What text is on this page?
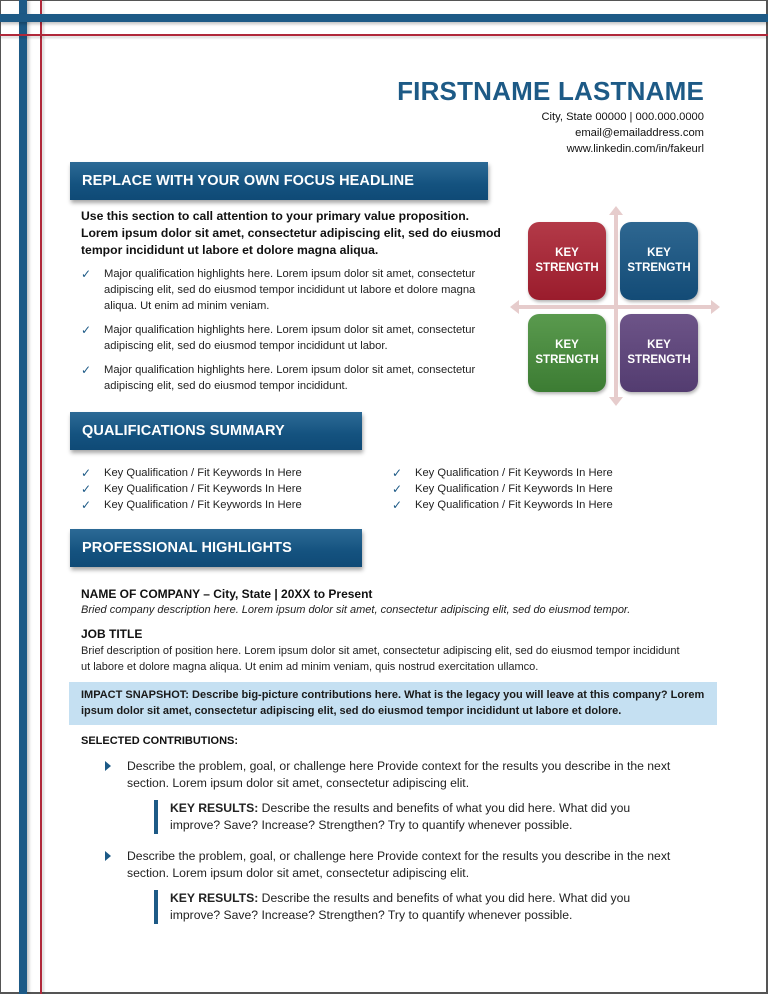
FIRSTNAME LASTNAME
City, State 00000 | 000.000.0000
email@emailaddress.com
www.linkedin.com/in/fakeurl
REPLACE WITH YOUR OWN FOCUS HEADLINE
Use this section to call attention to your primary value proposition. Lorem ipsum dolor sit amet, consectetur adipiscing elit, sed do eiusmod tempor incididunt ut labore et dolore magna aliqua.
✓ Major qualification highlights here. Lorem ipsum dolor sit amet, consectetur adipiscing elit, sed do eiusmod tempor incididunt ut labore et dolore magna aliqua. Ut enim ad minim veniam.
✓ Major qualification highlights here. Lorem ipsum dolor sit amet, consectetur adipiscing elit, sed do eiusmod tempor incididunt ut labor.
✓ Major qualification highlights here. Lorem ipsum dolor sit amet, consectetur adipiscing elit, sed do eiusmod tempor incididunt.
KEY
STRENGTH
KEY
STRENGTH
KEY
STRENGTH
KEY
STRENGTH
QUALIFICATIONS SUMMARY
✓ Key Qualification / Fit Keywords In Here
✓ Key Qualification / Fit Keywords In Here
✓ Key Qualification / Fit Keywords In Here
✓ Key Qualification / Fit Keywords In Here
✓ Key Qualification / Fit Keywords In Here
✓ Key Qualification / Fit Keywords In Here
PROFESSIONAL HIGHLIGHTS
NAME OF COMPANY – City, State | 20XX to Present
Bried company description here. Lorem ipsum dolor sit amet, consectetur adipiscing elit, sed do eiusmod tempor.
JOB TITLE
Brief description of position here. Lorem ipsum dolor sit amet, consectetur adipiscing elit, sed do eiusmod tempor incididunt ut labore et dolore magna aliqua. Ut enim ad minim veniam, quis nostrud exercitation ullamco.
IMPACT SNAPSHOT: Describe big-picture contributions here. What is the legacy you will leave at this company? Lorem ipsum dolor sit amet, consectetur adipiscing elit, sed do eiusmod tempor incididunt ut labore et dolore.
SELECTED CONTRIBUTIONS:
Describe the problem, goal, or challenge here Provide context for the results you describe in the next section. Lorem ipsum dolor sit amet, consectetur adipiscing elit.
KEY RESULTS: Describe the results and benefits of what you did here. What did you improve? Save? Increase? Strengthen? Try to quantify whenever possible.
Describe the problem, goal, or challenge here Provide context for the results you describe in the next section. Lorem ipsum dolor sit amet, consectetur adipiscing elit.
KEY RESULTS: Describe the results and benefits of what you did here. What did you improve? Save? Increase? Strengthen? Try to quantify whenever possible.
